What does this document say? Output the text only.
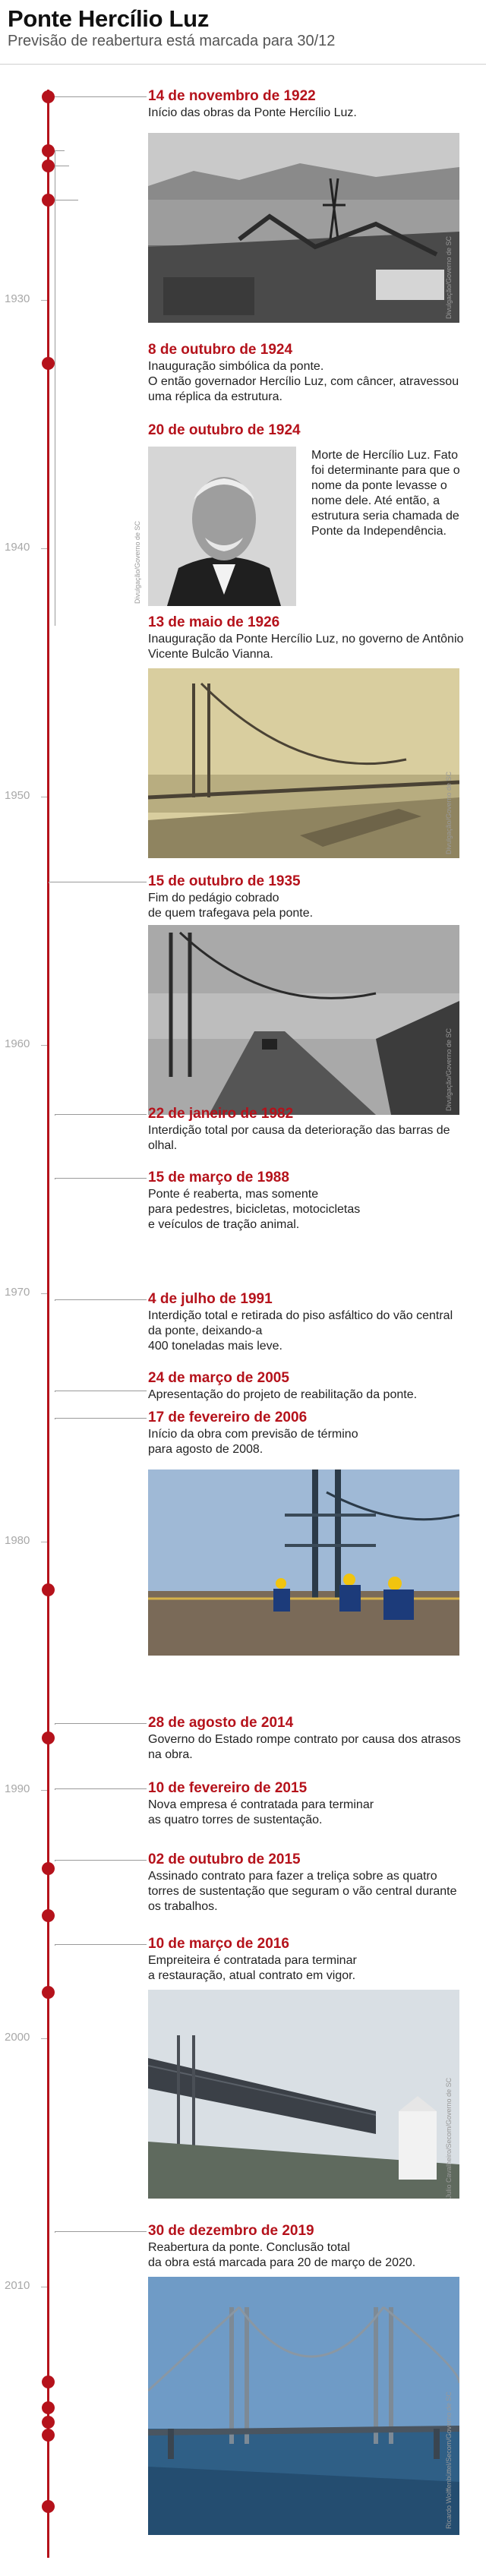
Ponte Hercílio Luz
Previsão de reabertura está marcada para 30/12
1930
1940
1950
1960
1970
1980
1990
2000
2010
14 de novembro de 1922
Início das obras da Ponte Hercílio Luz.
Divulgação/Governo de SC
8 de outubro de 1924
Inauguração simbólica da ponte.
O então governador Hercílio Luz, com câncer, atravessou uma réplica da estrutura.
20 de outubro de 1924
Divulgação/Governo de SC
Morte de Hercílio Luz. Fato foi determinante para que o nome da ponte levasse o nome dele. Até então, a estrutura seria chamada de Ponte da Independência.
13 de maio de 1926
Inauguração da Ponte Hercílio Luz, no governo de Antônio Vicente Bulcão Vianna.
Divulgação/Governo de SC
15 de outubro de 1935
Fim do pedágio cobrado
de quem trafegava pela ponte.
Divulgação/Governo de SC
22 de janeiro de 1982
Interdição total por causa da deterioração das barras de olhal.
15 de março de 1988
Ponte é reaberta, mas somente
para pedestres, bicicletas, motocicletas
e veículos de tração animal.
4 de julho de 1991
Interdição total e retirada do piso asfáltico do vão central da ponte, deixando-a
400 toneladas mais leve.
24 de março de 2005
Apresentação do projeto de reabilitação da ponte.
17 de fevereiro de 2006
Início da obra com previsão de término
para agosto de 2008.
28 de agosto de 2014
Governo do Estado rompe contrato por causa dos atrasos na obra.
10 de fevereiro de 2015
Nova empresa é contratada para terminar
as quatro torres de sustentação.
02 de outubro de 2015
Assinado contrato para fazer a treliça sobre as quatro torres de sustentação que seguram o vão central durante os trabalhos.
10 de março de 2016
Empreiteira é contratada para terminar
a restauração, atual contrato em vigor.
Julio Cavalheiro/Secom/Governo de SC
30 de dezembro de 2019
Reabertura da ponte. Conclusão total
da obra está marcada para 20 de março de 2020.
Ricardo Wolffenbüttel/Secom/Governo de SC
